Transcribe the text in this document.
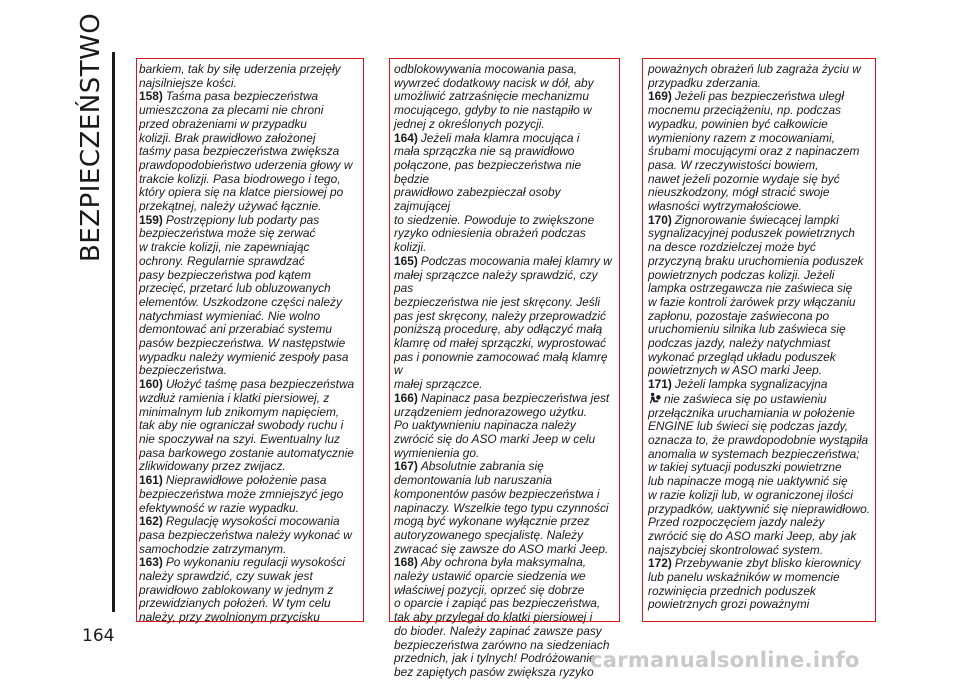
BEZPIECZEŃSTWO	barkiem, tak by siłę uderzenia przejęły

najsilniejsze kości.

158) Taśma pasa bezpieczeństwa

umieszczona za plecami nie chroni

przed obrażeniami w przypadku

kolizji. Brak prawidłowo założonej

taśmy pasa bezpieczeństwa zwiększa

prawdopodobieństwo uderzenia głowy w

trakcie kolizji. Pasa biodrowego i tego,

który opiera się na klatce piersiowej po

przekątnej, należy używać łącznie.

159) Postrzępiony lub podarty pas

bezpieczeństwa może się zerwać

w trakcie kolizji, nie zapewniając

ochrony. Regularnie sprawdzać

pasy bezpieczeństwa pod kątem

przecięć, przetarć lub obluzowanych

elementów. Uszkodzone części należy

natychmiast wymieniać. Nie wolno

demontować ani przerabiać systemu

pasów bezpieczeństwa. W następstwie

wypadku należy wymienić zespoły pasa

bezpieczeństwa.

160) Ułożyć taśmę pasa bezpieczeństwa

wzdłuż ramienia i klatki piersiowej, z

minimalnym lub znikomym napięciem,

tak aby nie ograniczał swobody ruchu i

nie spoczywał na szyi. Ewentualny luz

pasa barkowego zostanie automatycznie

zlikwidowany przez zwijacz.

161) Nieprawidłowe położenie pasa

bezpieczeństwa może zmniejszyć jego

efektywność w razie wypadku.

162) Regulację wysokości mocowania

pasa bezpieczeństwa należy wykonać w

samochodzie zatrzymanym.

163) Po wykonaniu regulacji wysokości

należy sprawdzić, czy suwak jest

prawidłowo zablokowany w jednym z

przewidzianych położeń. W tym celu

należy, przy zwolnionym przycisku

odblokowywania mocowania pasa,

wywrzeć dodatkowy nacisk w dół, aby

umożliwić zatrzaśnięcie mechanizmu

mocującego, gdyby to nie nastąpiło w

jednej z określonych pozycji.

164) Jeżeli mała klamra mocująca i

mała sprzączka nie są prawidłowo

połączone, pas bezpieczeństwa nie będzie

prawidłowo zabezpieczał osoby zajmującej

to siedzenie. Powoduje to zwiększone

ryzyko odniesienia obrażeń podczas

kolizji.

165) Podczas mocowania małej klamry w

małej sprzączce należy sprawdzić, czy pas

bezpieczeństwa nie jest skręcony. Jeśli

pas jest skręcony, należy przeprowadzić

poniższą procedurę, aby odłączyć małą

klamrę od małej sprzączki, wyprostować

pas i ponownie zamocować małą klamrę w

małej sprzączce.

166) Napinacz pasa bezpieczeństwa jest

urządzeniem jednorazowego użytku.

Po uaktywnieniu napinacza należy

zwrócić się do ASO marki Jeep w celu

wymienienia go.

167) Absolutnie zabrania się

demontowania lub naruszania

komponentów pasów bezpieczeństwa i

napinaczy. Wszelkie tego typu czynności

mogą być wykonane wyłącznie przez

autoryzowanego specjalistę. Należy

zwracać się zawsze do ASO marki Jeep.

168) Aby ochrona była maksymalna,

należy ustawić oparcie siedzenia we

właściwej pozycji, oprzeć się dobrze

o oparcie i zapiąć pas bezpieczeństwa,

tak aby przylegał do klatki piersiowej i

do bioder. Należy zapinać zawsze pasy

bezpieczeństwa zarówno na siedzeniach

przednich, jak i tylnych! Podróżowanie

bez zapiętych pasów zwiększa ryzyko

poważnych obrażeń lub zagraża życiu w

przypadku zderzania.

169) Jeżeli pas bezpieczeństwa uległ

mocnemu przeciążeniu, np. podczas

wypadku, powinien być całkowicie

wymieniony razem z mocowaniami,

śrubami mocującymi oraz z napinaczem

pasa. W rzeczywistości bowiem,

nawet jeżeli pozornie wydaje się być

nieuszkodzony, mógł stracić swoje

własności wytrzymałościowe.

170) Zignorowanie świecącej lampki

sygnalizacyjnej poduszek powietrznych

na desce rozdzielczej może być

przyczyną braku uruchomienia poduszek

powietrznych podczas kolizji. Jeżeli

lampka ostrzegawcza nie zaświeca się

w fazie kontroli żarówek przy włączaniu

zapłonu, pozostaje zaświecona po

uruchomieniu silnika lub zaświeca się

podczas jazdy, należy natychmiast

wykonać przegląd układu poduszek

powietrznych w ASO marki Jeep.

171) Jeżeli lampka sygnalizacyjna

nie zaświeca się po ustawieniu

przełącznika uruchamiania w położenie

ENGINE lub świeci się podczas jazdy,

oznacza to, że prawdopodobnie wystąpiła

anomalia w systemach bezpieczeństwa;

w takiej sytuacji poduszki powietrzne

lub napinacze mogą nie uaktywnić się

w razie kolizji lub, w ograniczonej ilości

przypadków, uaktywnić się nieprawidłowo.

Przed rozpoczęciem jazdy należy

zwrócić się do ASO marki Jeep, aby jak

najszybciej skontrolować system.

172) Przebywanie zbyt blisko kierownicy

lub panelu wskaźników w momencie

rozwinięcia przednich poduszek

powietrznych grozi poważnymi

164
carmanualsonline.info
